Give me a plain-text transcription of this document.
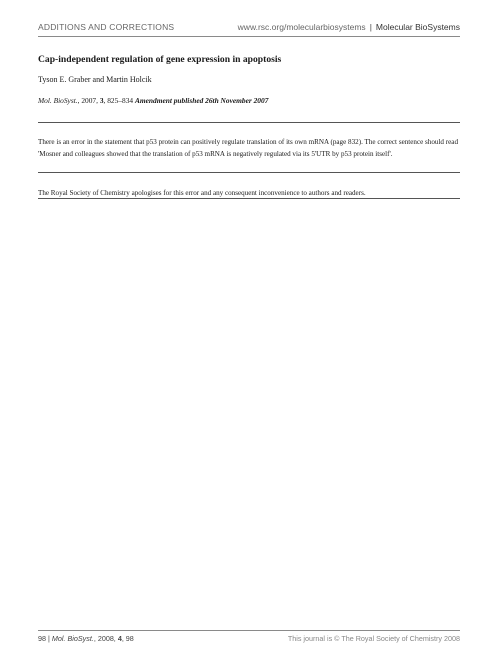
ADDITIONS AND CORRECTIONS	www.rsc.org/molecularbiosystems | Molecular BioSystems
Cap-independent regulation of gene expression in apoptosis
Tyson E. Graber and Martin Holcik
Mol. BioSyst., 2007, 3, 825–834 Amendment published 26th November 2007

There is an error in the statement that p53 protein can positively regulate translation of its own mRNA (page 832). The correct sentence should read 'Mosner and colleagues showed that the translation of p53 mRNA is negatively regulated via its 5'UTR by p53 protein itself'.

The Royal Society of Chemistry apologises for this error and any consequent inconvenience to authors and readers.

98 | Mol. BioSyst., 2008, 4, 98	This journal is © The Royal Society of Chemistry 2008
